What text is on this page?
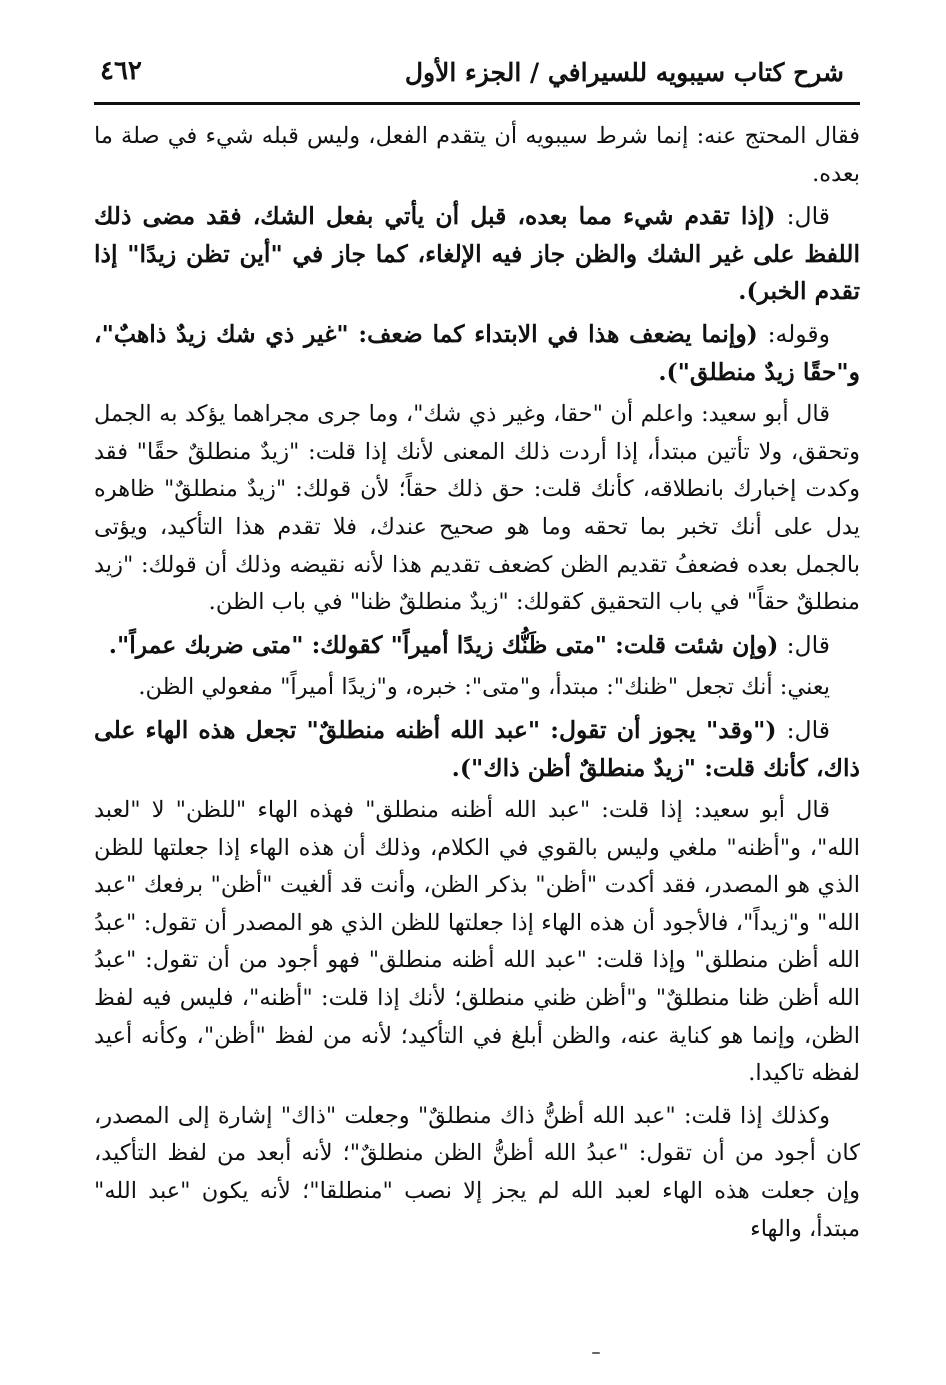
شرح كتاب سيبويه للسيرافي / الجزء الأول
٤٦٢

فقال المحتج عنه: إنما شرط سيبويه أن يتقدم الفعل، وليس قبله شيء في صلة ما بعده.

قال: (إذا تقدم شيء مما بعده، قبل أن يأتي بفعل الشك، فقد مضى ذلك اللفظ على غير الشك والظن جاز فيه الإلغاء، كما جاز في "أين تظن زيدًا" إذا تقدم الخبر).

وقوله: (وإنما يضعف هذا في الابتداء كما ضعف: "غير ذي شك زيدٌ ذاهبٌ"، و"حقًا زيدٌ منطلق").

قال أبو سعيد: واعلم أن "حقا، وغير ذي شك"، وما جرى مجراهما يؤكد به الجمل وتحقق، ولا تأتين مبتدأ، إذا أردت ذلك المعنى لأنك إذا قلت: "زيدٌ منطلقٌ حقًا" فقد وكدت إخبارك بانطلاقه، كأنك قلت: حق ذلك حقاً؛ لأن قولك: "زيدٌ منطلقٌ" ظاهره يدل على أنك تخبر بما تحقه وما هو صحيح عندك، فلا تقدم هذا التأكيد، ويؤتى بالجمل بعده فضعفُ تقديم الظن كضعف تقديم هذا لأنه نقيضه وذلك أن قولك: "زيد منطلقٌ حقاً" في باب التحقيق كقولك: "زيدٌ منطلقٌ ظنا" في باب الظن.

قال: (وإن شئت قلت: "متى ظَنُّك زيدًا أميراً" كقولك: "متى ضربك عمراً".

يعني: أنك تجعل "ظنك": مبتدأ، و"متى": خبره، و"زيدًا أميراً" مفعولي الظن.

قال: ("وقد" يجوز أن تقول: "عبد الله أظنه منطلقٌ" تجعل هذه الهاء على ذاك، كأنك قلت: "زيدٌ منطلقٌ أظن ذاك").

قال أبو سعيد: إذا قلت: "عبد الله أظنه منطلق" فهذه الهاء "للظن" لا "لعبد الله"، و"أظنه" ملغي وليس بالقوي في الكلام، وذلك أن هذه الهاء إذا جعلتها للظن الذي هو المصدر، فقد أكدت "أظن" بذكر الظن، وأنت قد ألغيت "أظن" برفعك "عبد الله" و"زيداً"، فالأجود أن هذه الهاء إذا جعلتها للظن الذي هو المصدر أن تقول: "عبدُ الله أظن منطلق" وإذا قلت: "عبد الله أظنه منطلق" فهو أجود من أن تقول: "عبدُ الله أظن ظنا منطلقٌ" و"أظن ظني منطلق؛ لأنك إذا قلت: "أظنه"، فليس فيه لفظ الظن، وإنما هو كناية عنه، والظن أبلغ في التأكيد؛ لأنه من لفظ "أظن"، وكأنه أعيد لفظه تاكيدا.

وكذلك إذا قلت: "عبد الله أظنُّ ذاك منطلقٌ" وجعلت "ذاك" إشارة إلى المصدر، كان أجود من أن تقول: "عبدُ الله أظنُّ الظن منطلقٌ"؛ لأنه أبعد من لفظ التأكيد، وإن جعلت هذه الهاء لعبد الله لم يجز إلا نصب "منطلقا"؛ لأنه يكون "عبد الله" مبتدأ، والهاء
